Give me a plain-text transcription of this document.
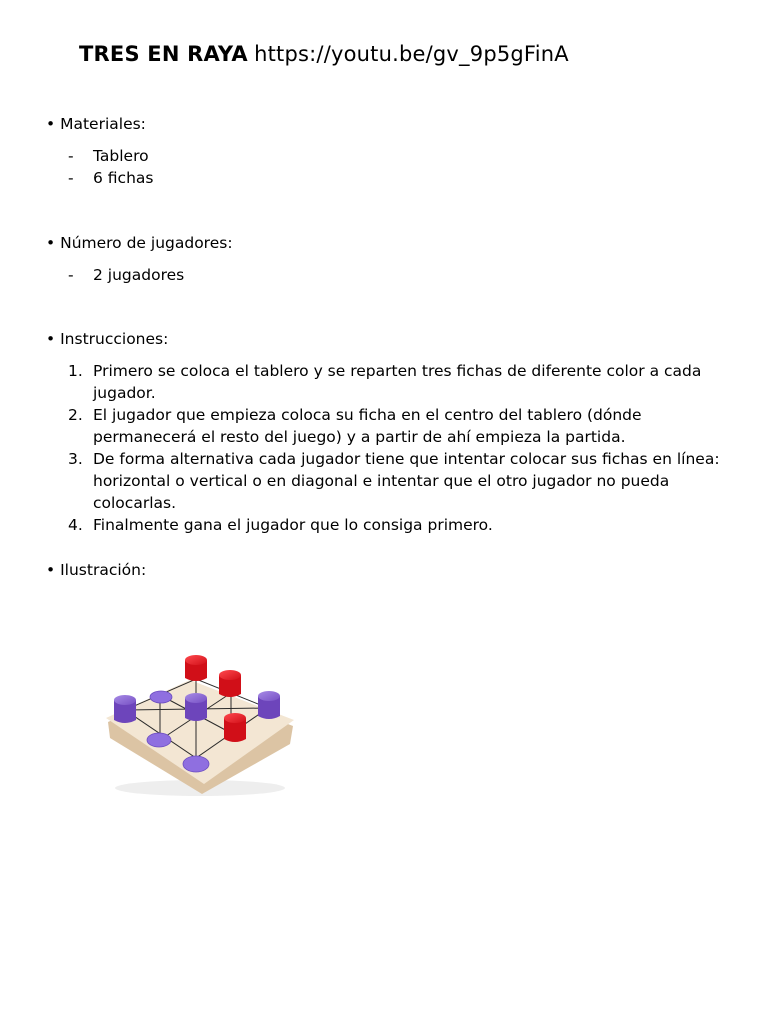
TRES EN RAYA https://youtu.be/gv_9p5gFinA
• Materiales:
- Tablero
- 6 fichas
• Número de jugadores:
- 2 jugadores
• Instrucciones:
1. Primero se coloca el tablero y se reparten tres fichas de diferente color a cada jugador.
2. El jugador que empieza coloca su ficha en el centro del tablero (dónde permanecerá el resto del juego) y a partir de ahí empieza la partida.
3. De forma alternativa cada jugador tiene que intentar colocar sus fichas en línea: horizontal o vertical o en diagonal e intentar que el otro jugador no pueda colocarlas.
4. Finalmente gana el jugador que lo consiga primero.
• Ilustración:
